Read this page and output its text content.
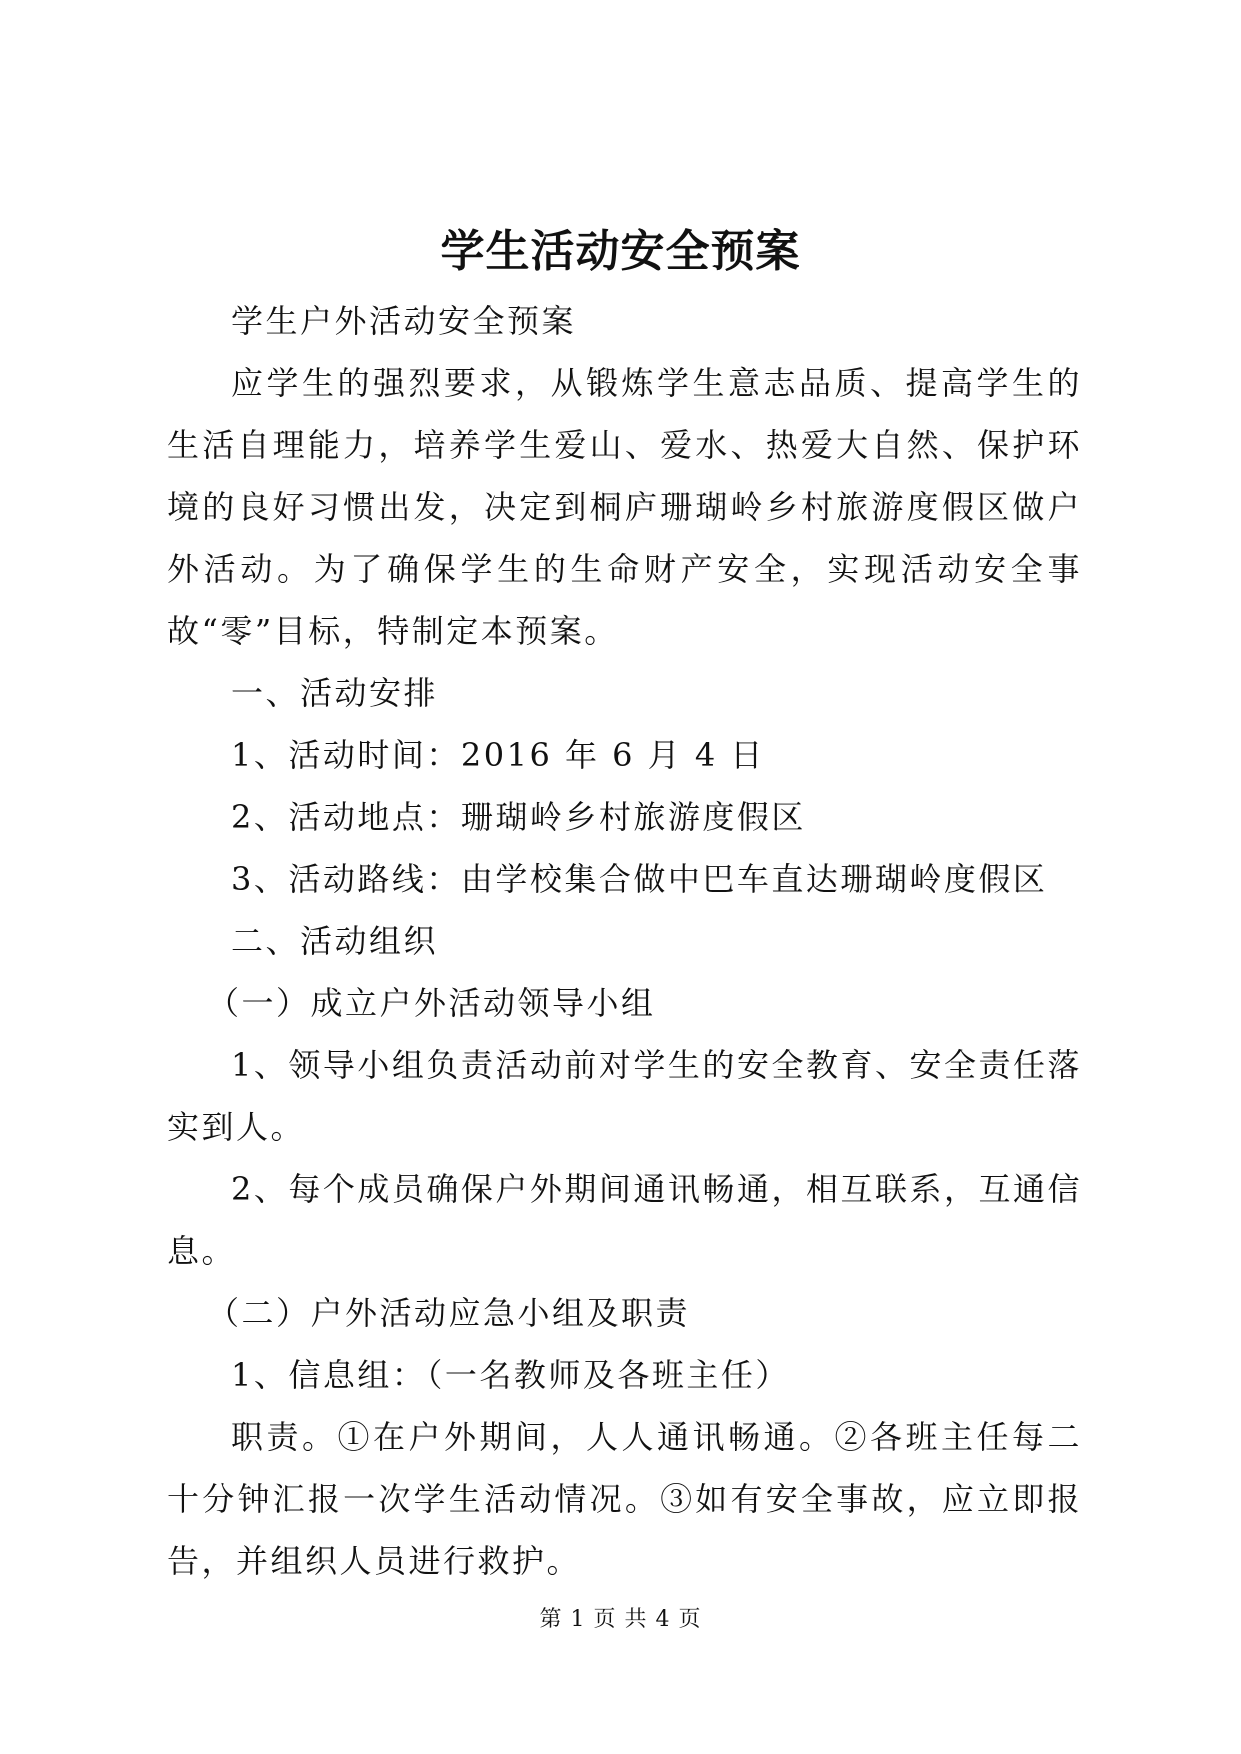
学生活动安全预案

学生户外活动安全预案

应学生的强烈要求，从锻炼学生意志品质、提高学生的生活自理能力，培养学生爱山、爱水、热爱大自然、保护环境的良好习惯出发，决定到桐庐珊瑚岭乡村旅游度假区做户外活动。为了确保学生的生命财产安全，实现活动安全事故“零”目标，特制定本预案。

一、活动安排

1、活动时间：2016 年 6 月 4 日

2、活动地点：珊瑚岭乡村旅游度假区

3、活动路线：由学校集合做中巴车直达珊瑚岭度假区

二、活动组织

（一）成立户外活动领导小组

1、领导小组负责活动前对学生的安全教育、安全责任落实到人。

2、每个成员确保户外期间通讯畅通，相互联系，互通信息。

（二）户外活动应急小组及职责

1、信息组：（一名教师及各班主任）

职责。①在户外期间，人人通讯畅通。②各班主任每二十分钟汇报一次学生活动情况。③如有安全事故，应立即报告，并组织人员进行救护。

第 1 页 共 4 页
